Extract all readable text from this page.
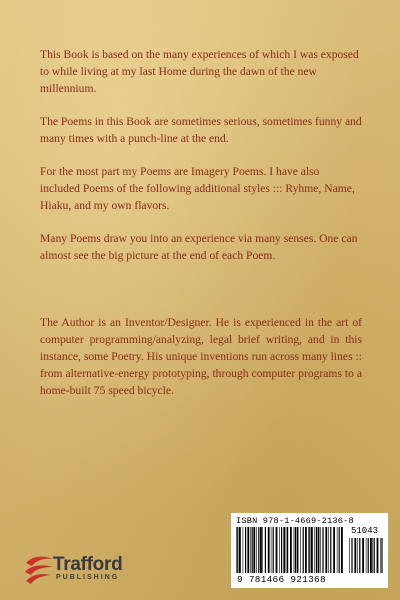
This Book is based on the many experiences of which I was exposed to while living at my last Home during the dawn of the new millennium.

The Poems in this Book are sometimes serious, sometimes funny and many times with a punch-line at the end.

For the most part my Poems are Imagery Poems. I have also included Poems of the following additional styles ::: Ryhme, Name, Hiaku, and my own flavors.

Many Poems draw you into an experience via many senses. One can almost see the big picture at the end of each Poem.

The Author is an Inventor/Designer. He is experienced in the art of computer programming/analyzing, legal brief writing, and in this instance, some Poetry. His unique inventions run across many lines :: from alternative-energy prototyping, through computer programs to a home-built 75 speed bicycle.

Trafford
PUBLISHING
ISBN 978-1-4669-2136-8
51043
9 781466 921368
